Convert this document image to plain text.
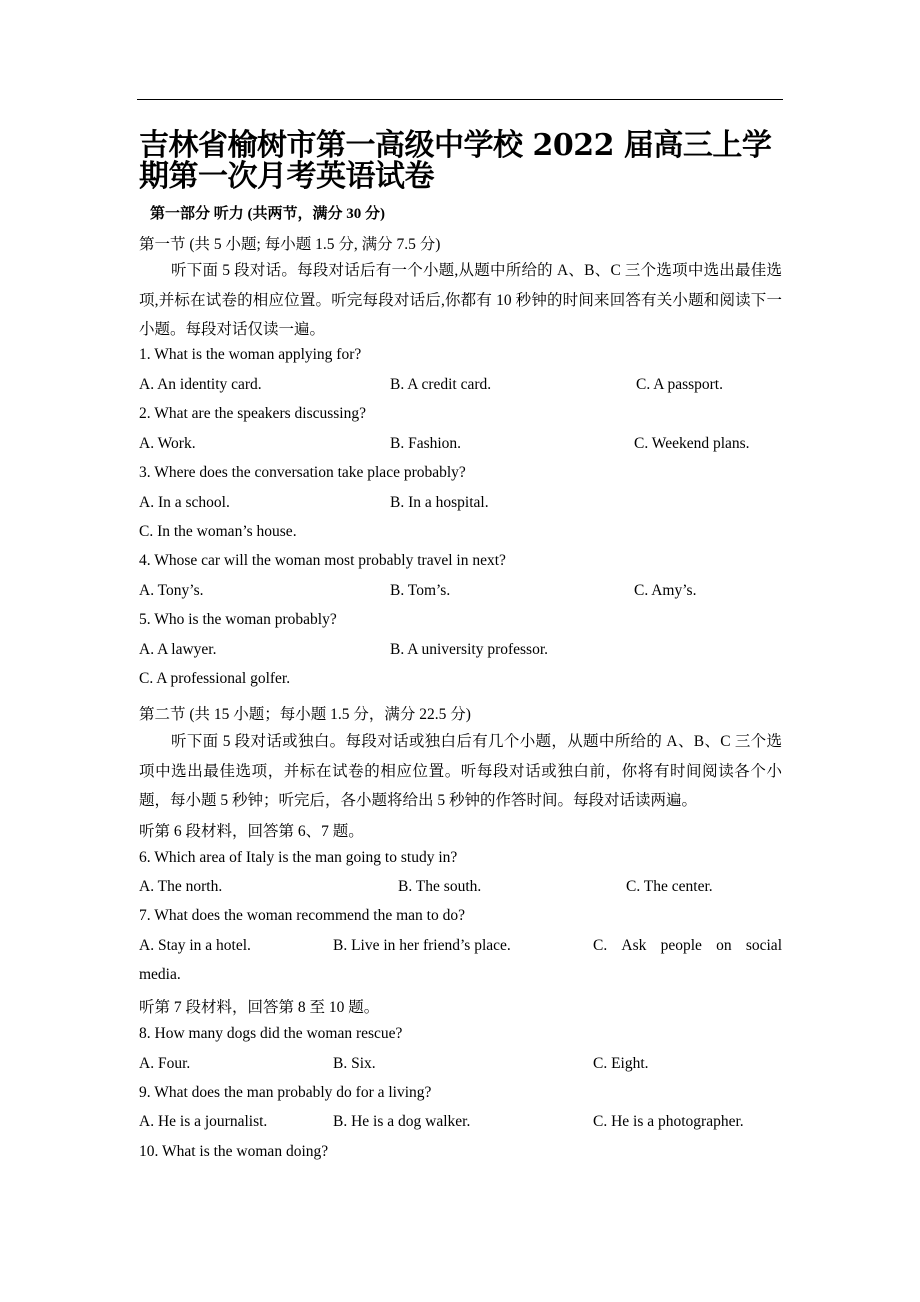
吉林省榆树市第一高级中学校 2022 届高三上学期第一次月考英语试卷
第一部分 听力 (共两节，满分 30 分)
第一节 (共 5 小题; 每小题 1.5 分, 满分 7.5 分)
听下面 5 段对话。每段对话后有一个小题,从题中所给的 A、B、C 三个选项中选出最佳选项,并标在试卷的相应位置。听完每段对话后,你都有 10 秒钟的时间来回答有关小题和阅读下一小题。每段对话仅读一遍。
1. What is the woman applying for?
A. An identity card.	B. A credit card.	C. A passport.
2. What are the speakers discussing?
A. Work.	B. Fashion.	C. Weekend plans.
3. Where does the conversation take place probably?
A. In a school.	B. In a hospital.
C. In the woman’s house.
4. Whose car will the woman most probably travel in next?
A. Tony’s.	B. Tom’s.	C. Amy’s.
5. Who is the woman probably?
A. A lawyer.	B. A university professor.
C. A professional golfer.
第二节 (共 15 小题；每小题 1.5 分，满分 22.5 分)
听下面 5 段对话或独白。每段对话或独白后有几个小题，从题中所给的 A、B、C 三个选项中选出最佳选项，并标在试卷的相应位置。听每段对话或独白前，你将有时间阅读各个小题，每小题 5 秒钟；听完后，各小题将给出 5 秒钟的作答时间。每段对话读两遍。
听第 6 段材料，回答第 6、7 题。
6. Which area of Italy is the man going to study in?
A. The north.	B. The south.	C. The center.
7. What does the woman recommend the man to do?
A. Stay in a hotel.	B. Live in her friend’s place.	C. Ask people on social
media.
听第 7 段材料，回答第 8 至 10 题。
8. How many dogs did the woman rescue?
A. Four.	B. Six.	C. Eight.
9. What does the man probably do for a living?
A. He is a journalist.	B. He is a dog walker.	C. He is a photographer.
10. What is the woman doing?
